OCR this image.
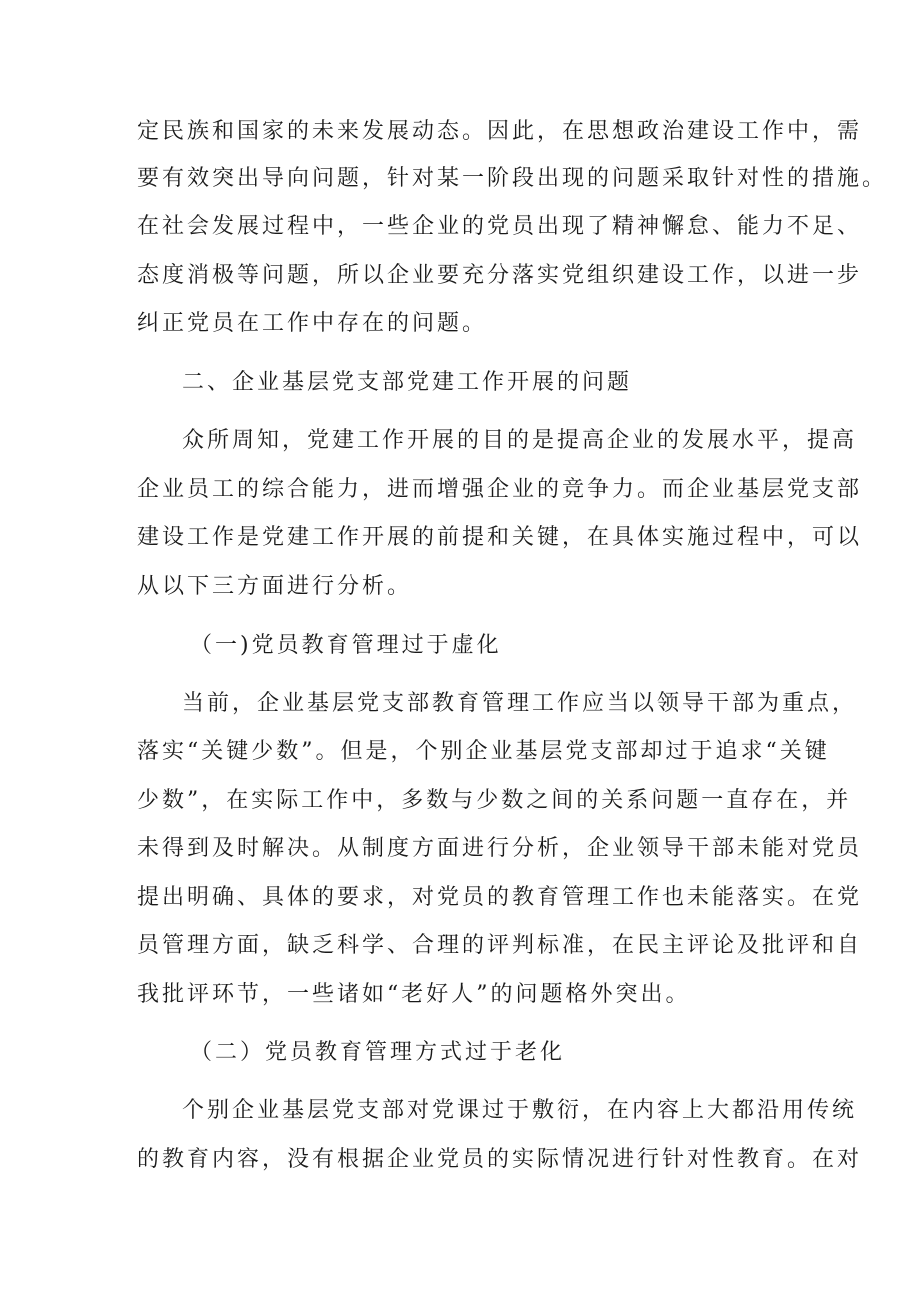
定民族和国家的未来发展动态。因此，在思想政治建设工作中，需
要有效突出导向问题，针对某一阶段出现的问题采取针对性的措施。
在社会发展过程中，一些企业的党员出现了精神懈怠、能力不足、
态度消极等问题，所以企业要充分落实党组织建设工作，以进一步
纠正党员在工作中存在的问题。
二、企业基层党支部党建工作开展的问题
众所周知，党建工作开展的目的是提高企业的发展水平，提高
企业员工的综合能力，进而增强企业的竞争力。而企业基层党支部
建设工作是党建工作开展的前提和关键，在具体实施过程中，可以
从以下三方面进行分析。
（一)党员教育管理过于虚化
当前，企业基层党支部教育管理工作应当以领导干部为重点，
落实“关键少数”。但是，个别企业基层党支部却过于追求“关键
少数”，在实际工作中，多数与少数之间的关系问题一直存在，并
未得到及时解决。从制度方面进行分析，企业领导干部未能对党员
提出明确、具体的要求，对党员的教育管理工作也未能落实。在党
员管理方面，缺乏科学、合理的评判标准，在民主评论及批评和自
我批评环节，一些诸如“老好人”的问题格外突出。
（二）党员教育管理方式过于老化
个别企业基层党支部对党课过于敷衍，在内容上大都沿用传统
的教育内容，没有根据企业党员的实际情况进行针对性教育。在对
